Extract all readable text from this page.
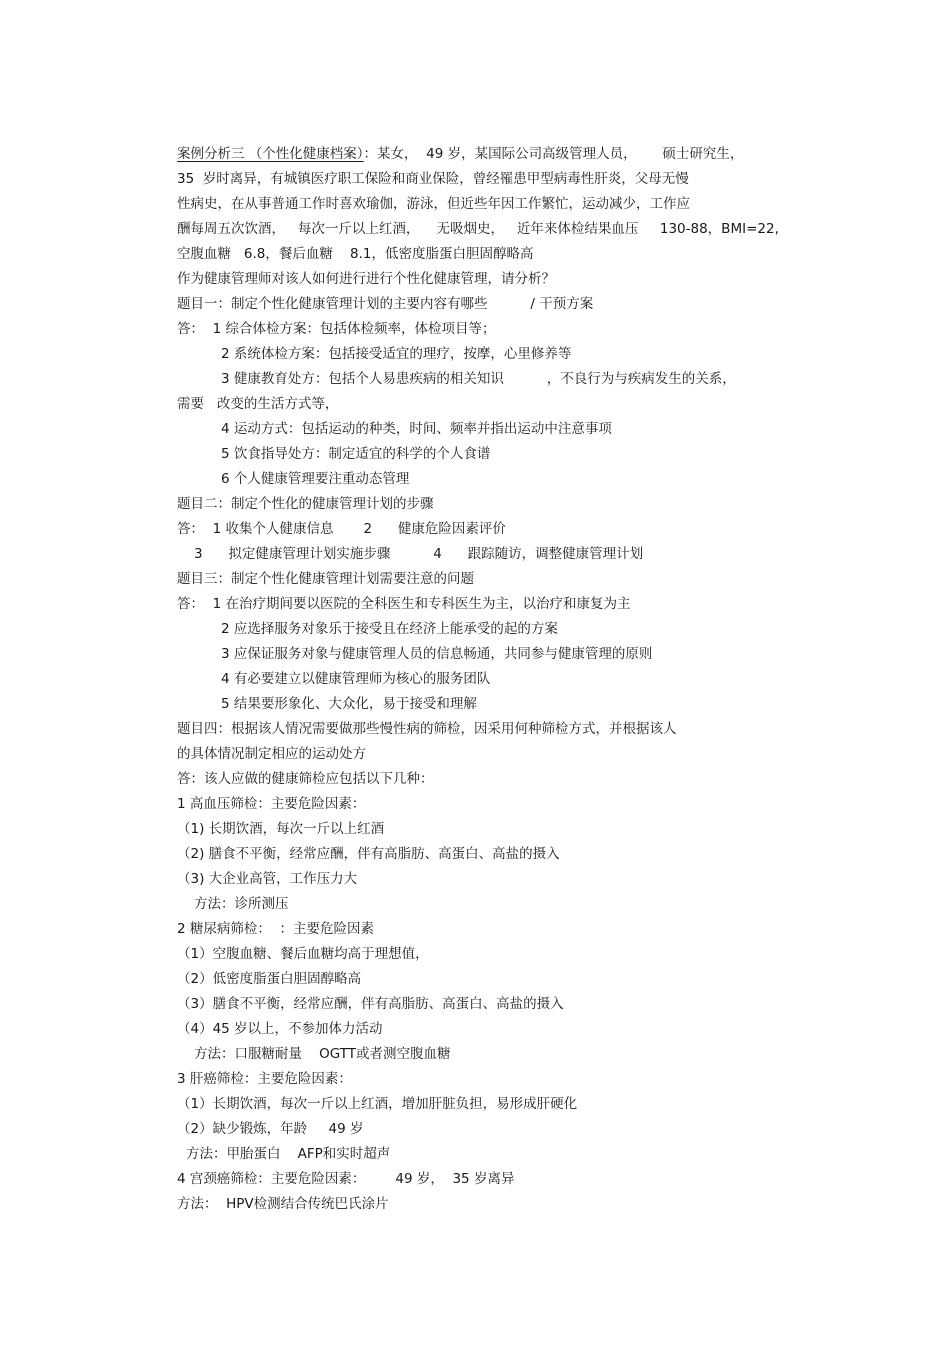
案例分析三 （个性化健康档案）：某女，  49 岁，某国际公司高级管理人员，      硕士研究生，
35  岁时离异，有城镇医疗职工保险和商业保险，曾经罹患甲型病毒性肝炎，父母无慢
性病史，在从事普通工作时喜欢瑜伽，游泳，但近些年因工作繁忙，运动减少，工作应
酬每周五次饮酒，   每次一斤以上红酒，    无吸烟史，   近年来体检结果血压     130-88，BMI=22,
空腹血糖   6.8，餐后血糖    8.1，低密度脂蛋白胆固醇略高
作为健康管理师对该人如何进行进行个性化健康管理，请分析？
题目一：制定个性化健康管理计划的主要内容有哪些          / 干预方案
答：  1 综合体检方案：包括体检频率，体检项目等；
2 系统体检方案：包括接受适宜的理疗，按摩，心里修养等
3 健康教育处方：包括个人易患疾病的相关知识          ，不良行为与疾病发生的关系，
需要   改变的生活方式等，
4 运动方式：包括运动的种类，时间、频率并指出运动中注意事项
5 饮食指导处方：制定适宜的科学的个人食谱
6 个人健康管理要注重动态管理
题目二：制定个性化的健康管理计划的步骤
答：  1 收集个人健康信息       2      健康危险因素评价
3      拟定健康管理计划实施步骤          4      跟踪随访，调整健康管理计划
题目三：制定个性化健康管理计划需要注意的问题
答：  1 在治疗期间要以医院的全科医生和专科医生为主，以治疗和康复为主
2 应选择服务对象乐于接受且在经济上能承受的起的方案
3 应保证服务对象与健康管理人员的信息畅通，共同参与健康管理的原则
4 有必要建立以健康管理师为核心的服务团队
5 结果要形象化、大众化，易于接受和理解
题目四：根据该人情况需要做那些慢性病的筛检，因采用何种筛检方式，并根据该人
的具体情况制定相应的运动处方
答：该人应做的健康筛检应包括以下几种：
1 高血压筛检：主要危险因素：
（1) 长期饮酒，每次一斤以上红酒
（2) 膳食不平衡，经常应酬，伴有高脂肪、高蛋白、高盐的摄入
（3) 大企业高管，工作压力大
方法：诊所测压
2 糖尿病筛检：  ：主要危险因素
（1）空腹血糖、餐后血糖均高于理想值，
（2）低密度脂蛋白胆固醇略高
（3）膳食不平衡，经常应酬，伴有高脂肪、高蛋白、高盐的摄入
（4）45 岁以上，不参加体力活动
方法：口服糖耐量    OGTT或者测空腹血糖
3 肝癌筛检：主要危险因素：
（1）长期饮酒，每次一斤以上红酒，增加肝脏负担，易形成肝硬化
（2）缺少锻炼，年龄     49 岁
方法：甲胎蛋白    AFP和实时超声
4 宫颈癌筛检：主要危险因素：       49 岁，  35 岁离异
方法：  HPV检测结合传统巴氏涂片
